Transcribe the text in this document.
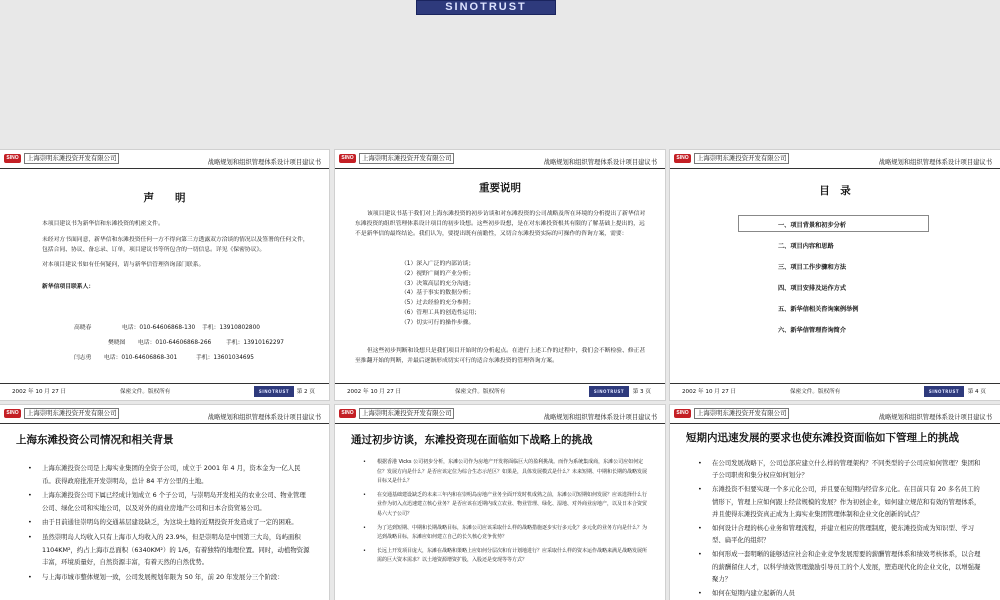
SINOTRUST
SINO	上海崇明东滩投资开发有限公司
战略规划和组织管理体系设计项目建议书
声　　明

本项目建议书为新华信和东滩投资的机密文件。

未经对方书面同意，新华信和东滩投资任何一方不得向第三方透露双方洽谈的情况以及签署的任何文件，包括合同、协议、备忘录、订单，项目建议书等所包含的一切信息。详见《保密协议》。

对本项目建议书如有任何疑问，请与新华信管理咨询部门联系。

新华信项目联系人：

高晓春	电话：010-64606868-130 手机：13910802800
樊晓图 电话：010-64606868-266	手机：13910162297
闫志勇 电话：010-64606868-301	手机：13601034695
2002 年 10 月 27 日	保密文件。版权所有	SINOTRUST	第 2 页
SINO	上海崇明东滩投资开发有限公司
战略规划和组织管理体系设计项目建议书
重要说明
该项目建议书基于我们对上海东滩投资的初步访谈和对东滩投资的公司战略及所在环境的分析提出了新华信对东滩投资的组织管理体系设计项目的初步设想。这些初步设想，是在对东滩投资根其有限的了解基础上提出的，远不是新华信的最终结论。我们认为，要提出既有前瞻性，又切合东滩投资实际的可操作的咨询方案，需要：
（1）深入广泛的内部访谈；
（2）视野广阔的产业分析；
（3）决策高层的充分沟通；
（4）基于事实的数据分析；
（5）过去经验的充分参照；
（6）管理工具的创造性运用；
（7）切实可行的操作步骤。
但这些初步判断和设想只是我们项目开始时的分析起点。在进行上述工作的过程中，我们会不断检验、修正甚至推翻开始的判断，并最后逐渐形成切实可行的适合东滩投资的管理咨询方案。
2002 年 10 月 27 日	保密文件。版权所有	SINOTRUST	第 3 页
SINO	上海崇明东滩投资开发有限公司
战略规划和组织管理体系设计项目建议书
目　录
一、项目背景和初步分析
二、项目内容和思路
三、项目工作步骤和方法
四、项目安排及运作方式
五、新华信相关咨询案例举例
六、新华信管理咨询简介
2002 年 10 月 27 日	保密文件。版权所有	SINOTRUST	第 4 页
SINO	上海崇明东滩投资开发有限公司
战略规划和组织管理体系设计项目建议书
上海东滩投资公司情况和相关背景
• 上海东滩投资公司是上海实业集团的全资子公司，成立于 2001 年 4 月，资本金为一亿人民币。获得政府批准开发崇明岛，总计 84 平方公里的土地。
• 上海东滩投资公司下属已经成计划成立 6 个子公司，与崇明岛开发相关的农业公司、物业管理公司、绿化公司和实地公司，以及对外的商业房地产公司和日本合资贸易公司。
• 由于目前通往崇明岛的交通基层建设缺乏，为这块土地的近期投资开发造成了一定的困难。
• 虽然崇明岛人均收入只有上海市人均收入的 23.9%，但是崇明岛是中国第三大岛，岛屿面积 1104KM²，约占上海市总面积（6340KM²）的 1/6，有着独特的地理位置。同时，动植物资源丰富，环境质量好，自然资源丰富，有着天然的自然优势。
• 与上海市城市整体规划一致，公司发展规划年限为 50 年，前 20 年发展分三个阶段：
SINO	上海崇明东滩投资开发有限公司
战略规划和组织管理体系设计项目建议书
通过初步访谈，东滩投资现在面临如下战略上的挑战
• 根据香港 Vicks 公司初步分析，东滩公司作为房地产开发将面临巨大的盈利挑战。而作为系统集成商，东滩公司应如何定位？发展方向是什么？是否应该定位为综合生态示范区？如果是，具体发展模式是什么？未来短期、中期和长期的战略发展目标又是什么？
• 在交通基础建设缺乏的未来三年内和在崇明岛房地产业务全面开发时机成熟之前，东滩公司短期如何发展？应该选择什么行业作为切入点迅速建立核心业务？是否应该在近期内成立农业、物业管理、绿化、湿地、对外商业房地产，以及日本合资贸易六大子公司？
• 为了达到短期、中期和长期战略目标，东滩公司应该采取什么样的战略措施逐步实行多元化？多元化的业务方向是什么？为达到战略目标，东滩应如何建立自己的长久核心竞争优势？
• 长远上开发项目庞大，东滩在战略和策略上应如何分层次和有计划地进行？应采取什么样的资本运作战略来满足战略发展所需的巨大资本需求？以土地资源增资扩股，入股还是变现等等方式？
SINO	上海崇明东滩投资开发有限公司
战略规划和组织管理体系设计项目建议书
短期内迅速发展的要求也使东滩投资面临如下管理上的挑战
• 在公司发展战略下，公司总部应建立什么样的管理架构？不同类型的子公司应如何管理？集团和子公司职责和集分权应如何划分？
• 东滩投资不但要实现一个多元化公司，并且要在短期内经营多元化。在目前只有 20 多名员工的情形下，管理上应如何跟上经营规模的发展？作为初创企业，如何建立规范和有效的管理体系，并且使得东滩投资真正成为上海实业集团管理体制和企业文化创新的试点？
• 如何设计合理的核心业务和管理流程，并建立相应的管理制度，使东滩投资成为知识型、学习型、扁平化的组织？
• 如何形成一套明晰的能够适应社会和企业竞争发展需要的薪酬管理体系和绩效考核体系，以合理的薪酬留住人才，以科学绩效管理激励引导员工的个人发展，塑造现代化的企业文化，以增强凝聚力？
• 如何在短期内建立起新的人员
